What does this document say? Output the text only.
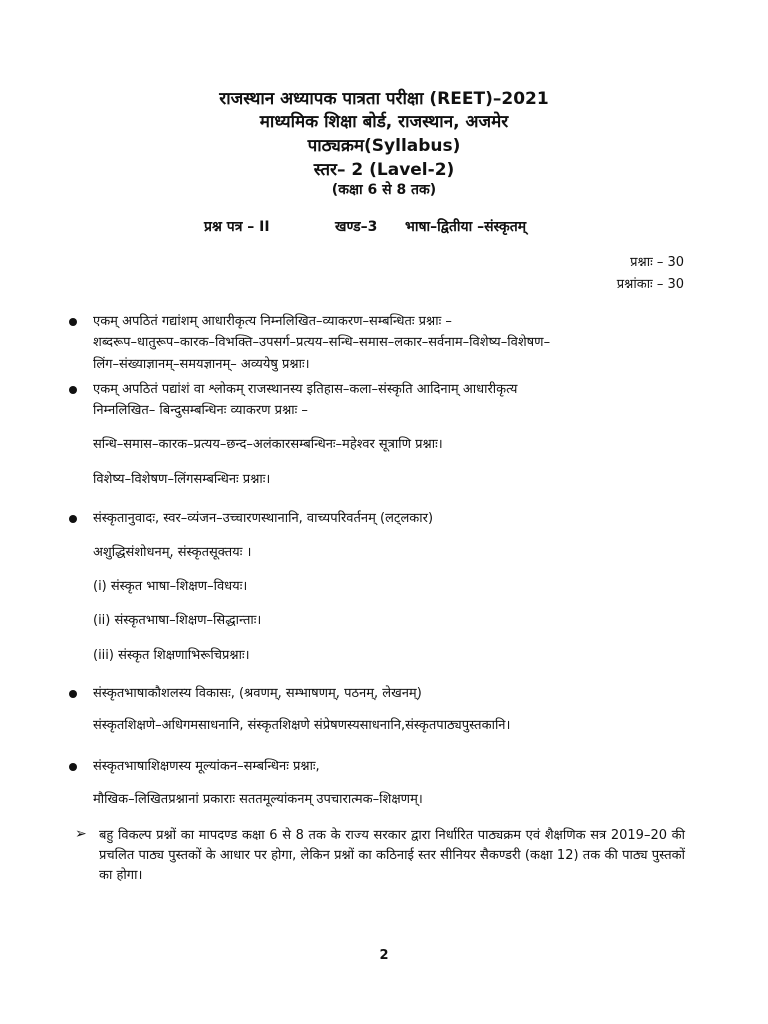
राजस्थान अध्यापक पात्रता परीक्षा (REET)–2021
माध्यमिक शिक्षा बोर्ड, राजस्थान, अजमेर
पाठ्यक्रम(Syllabus)
स्तर– 2 (Lavel-2)
(कक्षा 6 से 8 तक)
प्रश्न पत्र – II	खण्ड–3 भाषा–द्वितीया –संस्कृतम्
प्रश्नाः – 30
प्रश्नांकाः – 30
एकम् अपठितं गद्यांशम् आधारीकृत्य निम्नलिखित–व्याकरण–सम्बन्धितः प्रश्नाः –
शब्दरूप–धातुरूप–कारक–विभक्ति–उपसर्ग–प्रत्यय–सन्धि–समास–लकार–सर्वनाम–विशेष्य–विशेषण–
लिंग–संख्याज्ञानम्–समयज्ञानम्– अव्ययेषु प्रश्नाः।
एकम् अपठितं पद्यांशं वा श्लोकम् राजस्थानस्य इतिहास–कला–संस्कृति आदिनाम् आधारीकृत्य
निम्नलिखित– बिन्दुसम्बन्धिनः व्याकरण प्रश्नाः –
सन्धि–समास–कारक–प्रत्यय–छन्द–अलंकारसम्बन्धिनः–महेश्वर सूत्राणि प्रश्नाः।
विशेष्य–विशेषण–लिंगसम्बन्धिनः प्रश्नाः।
संस्कृतानुवादः, स्वर–व्यंजन–उच्चारणस्थानानि, वाच्यपरिवर्तनम् (लट्लकार)
अशुद्धिसंशोधनम्, संस्कृतसूक्तयः ।
(i) संस्कृत भाषा–शिक्षण–विधयः।
(ii) संस्कृतभाषा–शिक्षण–सिद्धान्ताः।
(iii) संस्कृत शिक्षणाभिरूचिप्रश्नाः।
संस्कृतभाषाकौशलस्य विकासः, (श्रवणम्, सम्भाषणम्, पठनम्, लेखनम्)
संस्कृतशिक्षणे–अधिगमसाधनानि, संस्कृतशिक्षणे संप्रेषणस्यसाधनानि,संस्कृतपाठ्यपुस्तकानि।
संस्कृतभाषाशिक्षणस्य मूल्यांकन–सम्बन्धिनः प्रश्नाः,
मौखिक–लिखितप्रश्नानां प्रकाराः सततमूल्यांकनम् उपचारात्मक–शिक्षणम्।
➢ बहु विकल्प प्रश्नों का मापदण्ड कक्षा 6 से 8 तक के राज्य सरकार द्वारा निर्धारित पाठ्यक्रम एवं शैक्षणिक सत्र 2019–20 की प्रचलित पाठ्य पुस्तकों के आधार पर होगा, लेकिन प्रश्नों का कठिनाई स्तर सीनियर सैकण्डरी (कक्षा 12) तक की पाठ्य पुस्तकों का होगा।
2
